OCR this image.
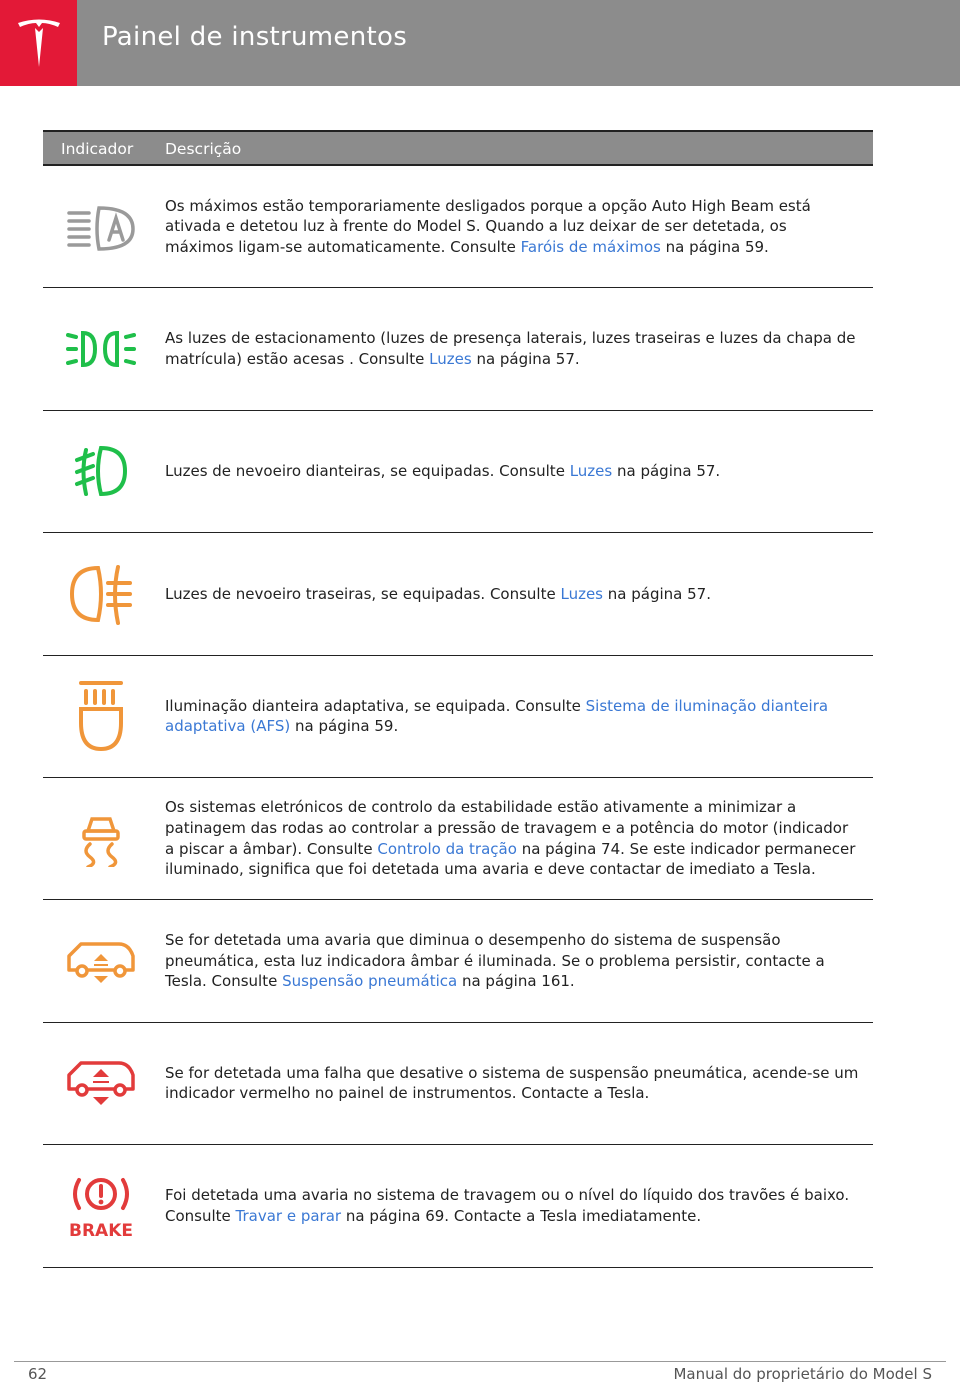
Painel de instrumentos
Indicador Descrição

Os máximos estão temporariamente desligados porque a opção Auto High Beam está ativada e detetou luz à frente do Model S. Quando a luz deixar de ser detetada, os máximos ligam-se automaticamente. Consulte Faróis de máximos na página 59.

As luzes de estacionamento (luzes de presença laterais, luzes traseiras e luzes da chapa de matrícula) estão acesas . Consulte Luzes na página 57.

Luzes de nevoeiro dianteiras, se equipadas. Consulte Luzes na página 57.

Luzes de nevoeiro traseiras, se equipadas. Consulte Luzes na página 57.

Iluminação dianteira adaptativa, se equipada. Consulte Sistema de iluminação dianteira adaptativa (AFS) na página 59.

Os sistemas eletrónicos de controlo da estabilidade estão ativamente a minimizar a patinagem das rodas ao controlar a pressão de travagem e a potência do motor (indicador a piscar a âmbar). Consulte Controlo da tração na página 74. Se este indicador permanecer iluminado, significa que foi detetada uma avaria e deve contactar de imediato a Tesla.

Se for detetada uma avaria que diminua o desempenho do sistema de suspensão pneumática, esta luz indicadora âmbar é iluminada. Se o problema persistir, contacte a Tesla. Consulte Suspensão pneumática na página 161.

Se for detetada uma falha que desative o sistema de suspensão pneumática, acende-se um indicador vermelho no painel de instrumentos. Contacte a Tesla.

BRAKE

Foi detetada uma avaria no sistema de travagem ou o nível do líquido dos travões é baixo. Consulte Travar e parar na página 69. Contacte a Tesla imediatamente.

62	Manual do proprietário do Model S
